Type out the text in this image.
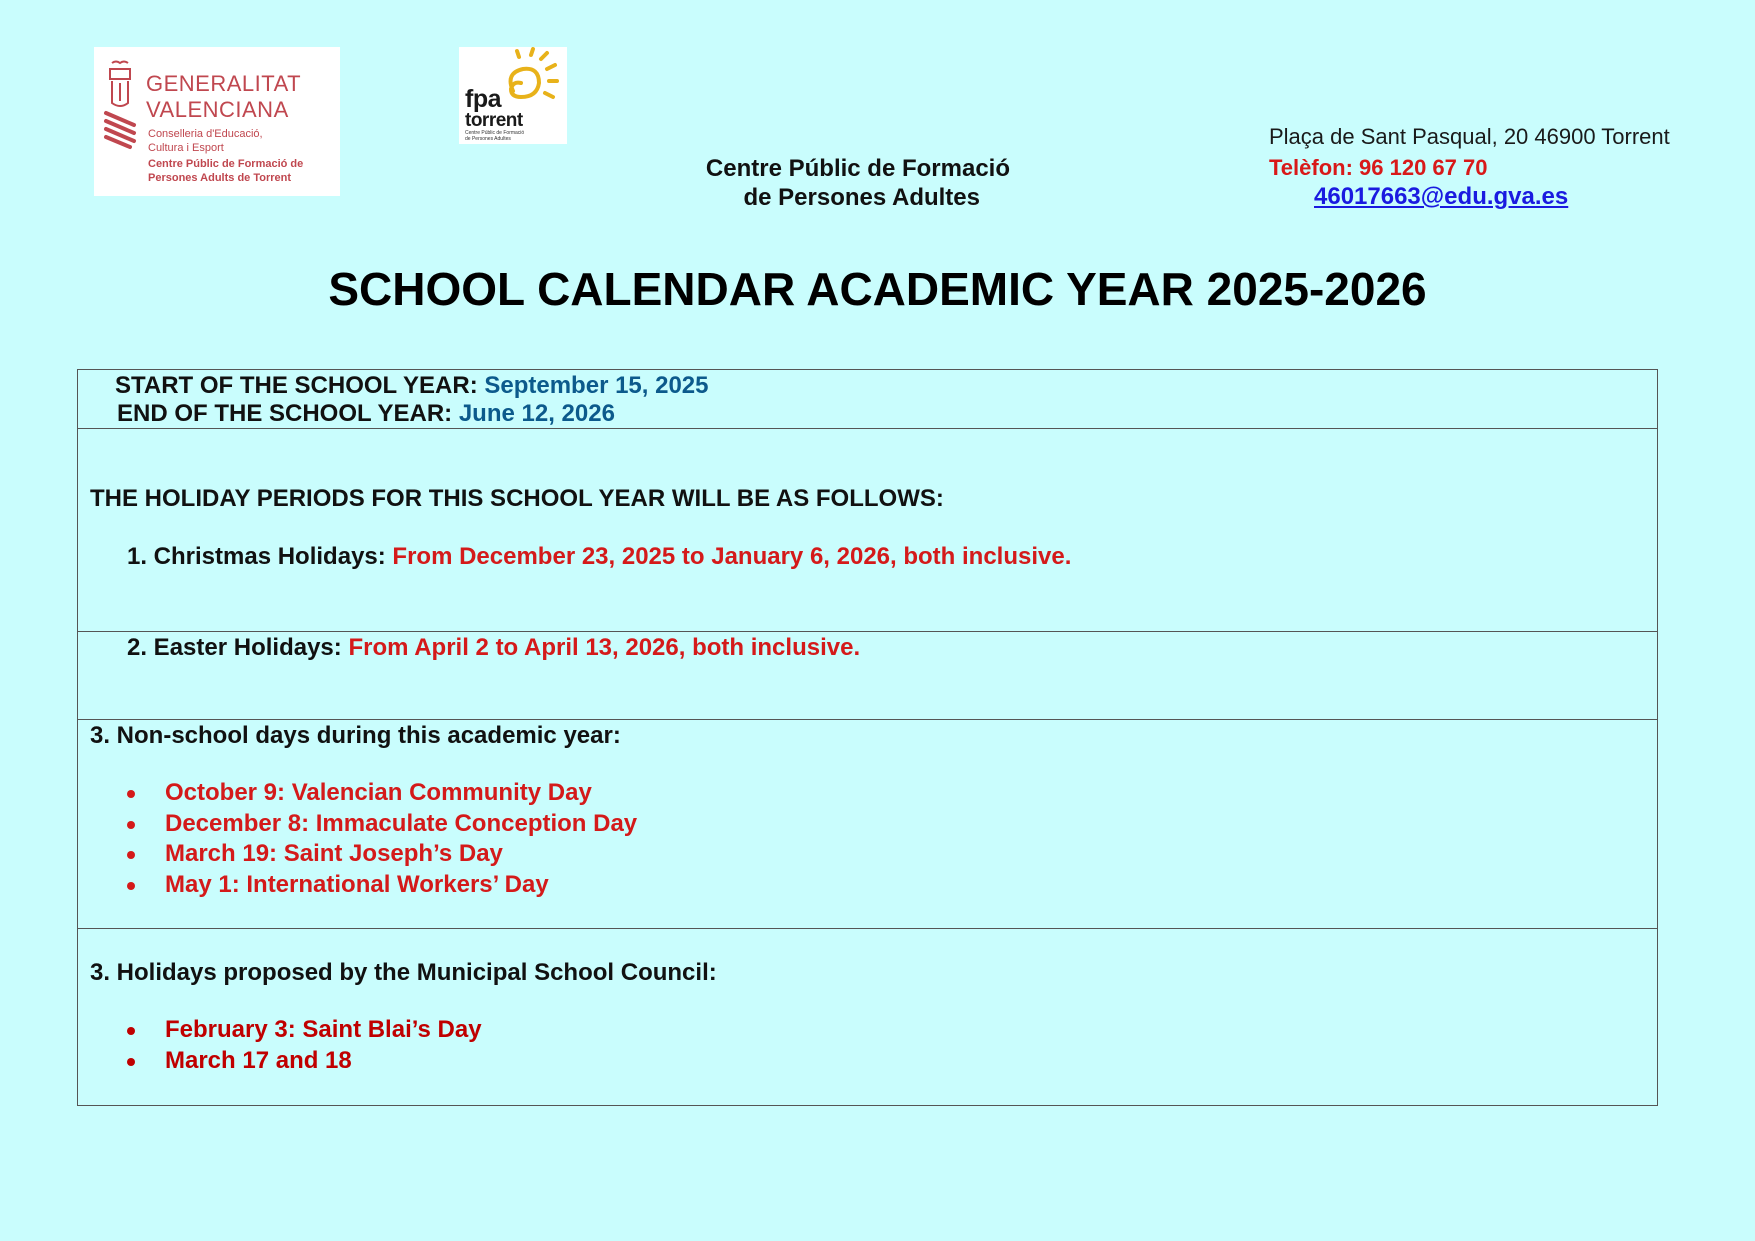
GENERALITAT
VALENCIANA
Conselleria d'Educació,
Cultura i Esport
Centre Públic de Formació de
Persones Adults de Torrent
fpa
torrent
Centre Públic de Formació
de Persones Adultes
Centre Públic de Formació
de Persones Adultes
Plaça de Sant Pasqual, 20 46900 Torrent
Telèfon: 96 120 67 70
46017663@edu.gva.es
SCHOOL CALENDAR ACADEMIC YEAR 2025-2026
START OF THE SCHOOL YEAR: September 15, 2025
END OF THE SCHOOL YEAR: June 12, 2026

THE HOLIDAY PERIODS FOR THIS SCHOOL YEAR WILL BE AS FOLLOWS:
1. Christmas Holidays: From December 23, 2025 to January 6, 2026, both inclusive.

2. Easter Holidays: From April 2 to April 13, 2026, both inclusive.

3. Non-school days during this academic year:
October 9: Valencian Community Day
December 8: Immaculate Conception Day
March 19: Saint Joseph’s Day
May 1: International Workers’ Day

3. Holidays proposed by the Municipal School Council:
February 3: Saint Blai’s Day
March 17 and 18
